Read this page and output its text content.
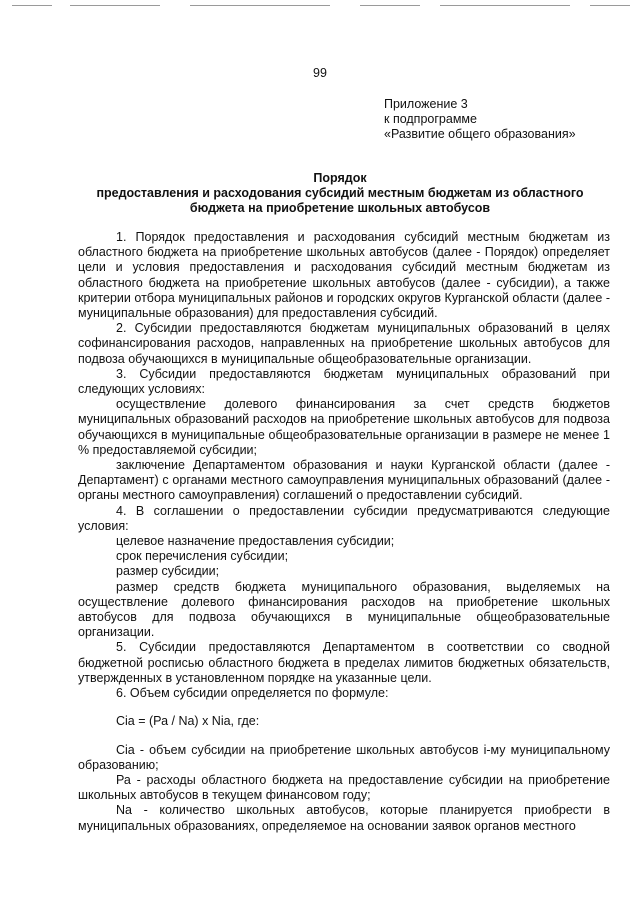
99
Приложение 3
к подпрограмме
«Развитие общего образования»
Порядок
предоставления и расходования субсидий местным бюджетам из областного
бюджета на приобретение школьных автобусов

1. Порядок предоставления и расходования субсидий местным бюджетам из областного бюджета на приобретение школьных автобусов (далее - Порядок) определяет цели и условия предоставления и расходования субсидий местным бюджетам из областного бюджета на приобретение школьных автобусов (далее - субсидии), а также критерии отбора муниципальных районов и городских округов Курганской области (далее - муниципальные образования) для предоставления субсидий.

2. Субсидии предоставляются бюджетам муниципальных образований в целях софинансирования расходов, направленных на приобретение школьных автобусов для подвоза обучающихся в муниципальные общеобразовательные организации.

3. Субсидии предоставляются бюджетам муниципальных образований при следующих условиях:

осуществление долевого финансирования за счет средств бюджетов муниципальных образований расходов на приобретение школьных автобусов для подвоза обучающихся в муниципальные общеобразовательные организации в размере не менее 1 % предоставляемой субсидии;

заключение Департаментом образования и науки Курганской области (далее - Департамент) с органами местного самоуправления муниципальных образований (далее - органы местного самоуправления) соглашений о предоставлении субсидий.

4. В соглашении о предоставлении субсидии предусматриваются следующие условия:

целевое назначение предоставления субсидии;

срок перечисления субсидии;

размер субсидии;

размер средств бюджета муниципального образования, выделяемых на осуществление долевого финансирования расходов на приобретение школьных автобусов для подвоза обучающихся в муниципальные общеобразовательные организации.

5. Субсидии предоставляются Департаментом в соответствии со сводной бюджетной росписью областного бюджета в пределах лимитов бюджетных обязательств, утвержденных в установленном порядке на указанные цели.

6. Объем субсидии определяется по формуле:

Сiа = (Ра / Nа) x Niа, где:

Сiа - объем субсидии на приобретение школьных автобусов i-му муниципальному образованию;

Ра - расходы областного бюджета на предоставление субсидии на приобретение школьных автобусов в текущем финансовом году;

Nа - количество школьных автобусов, которые планируется приобрести в муниципальных образованиях, определяемое на основании заявок органов местного
